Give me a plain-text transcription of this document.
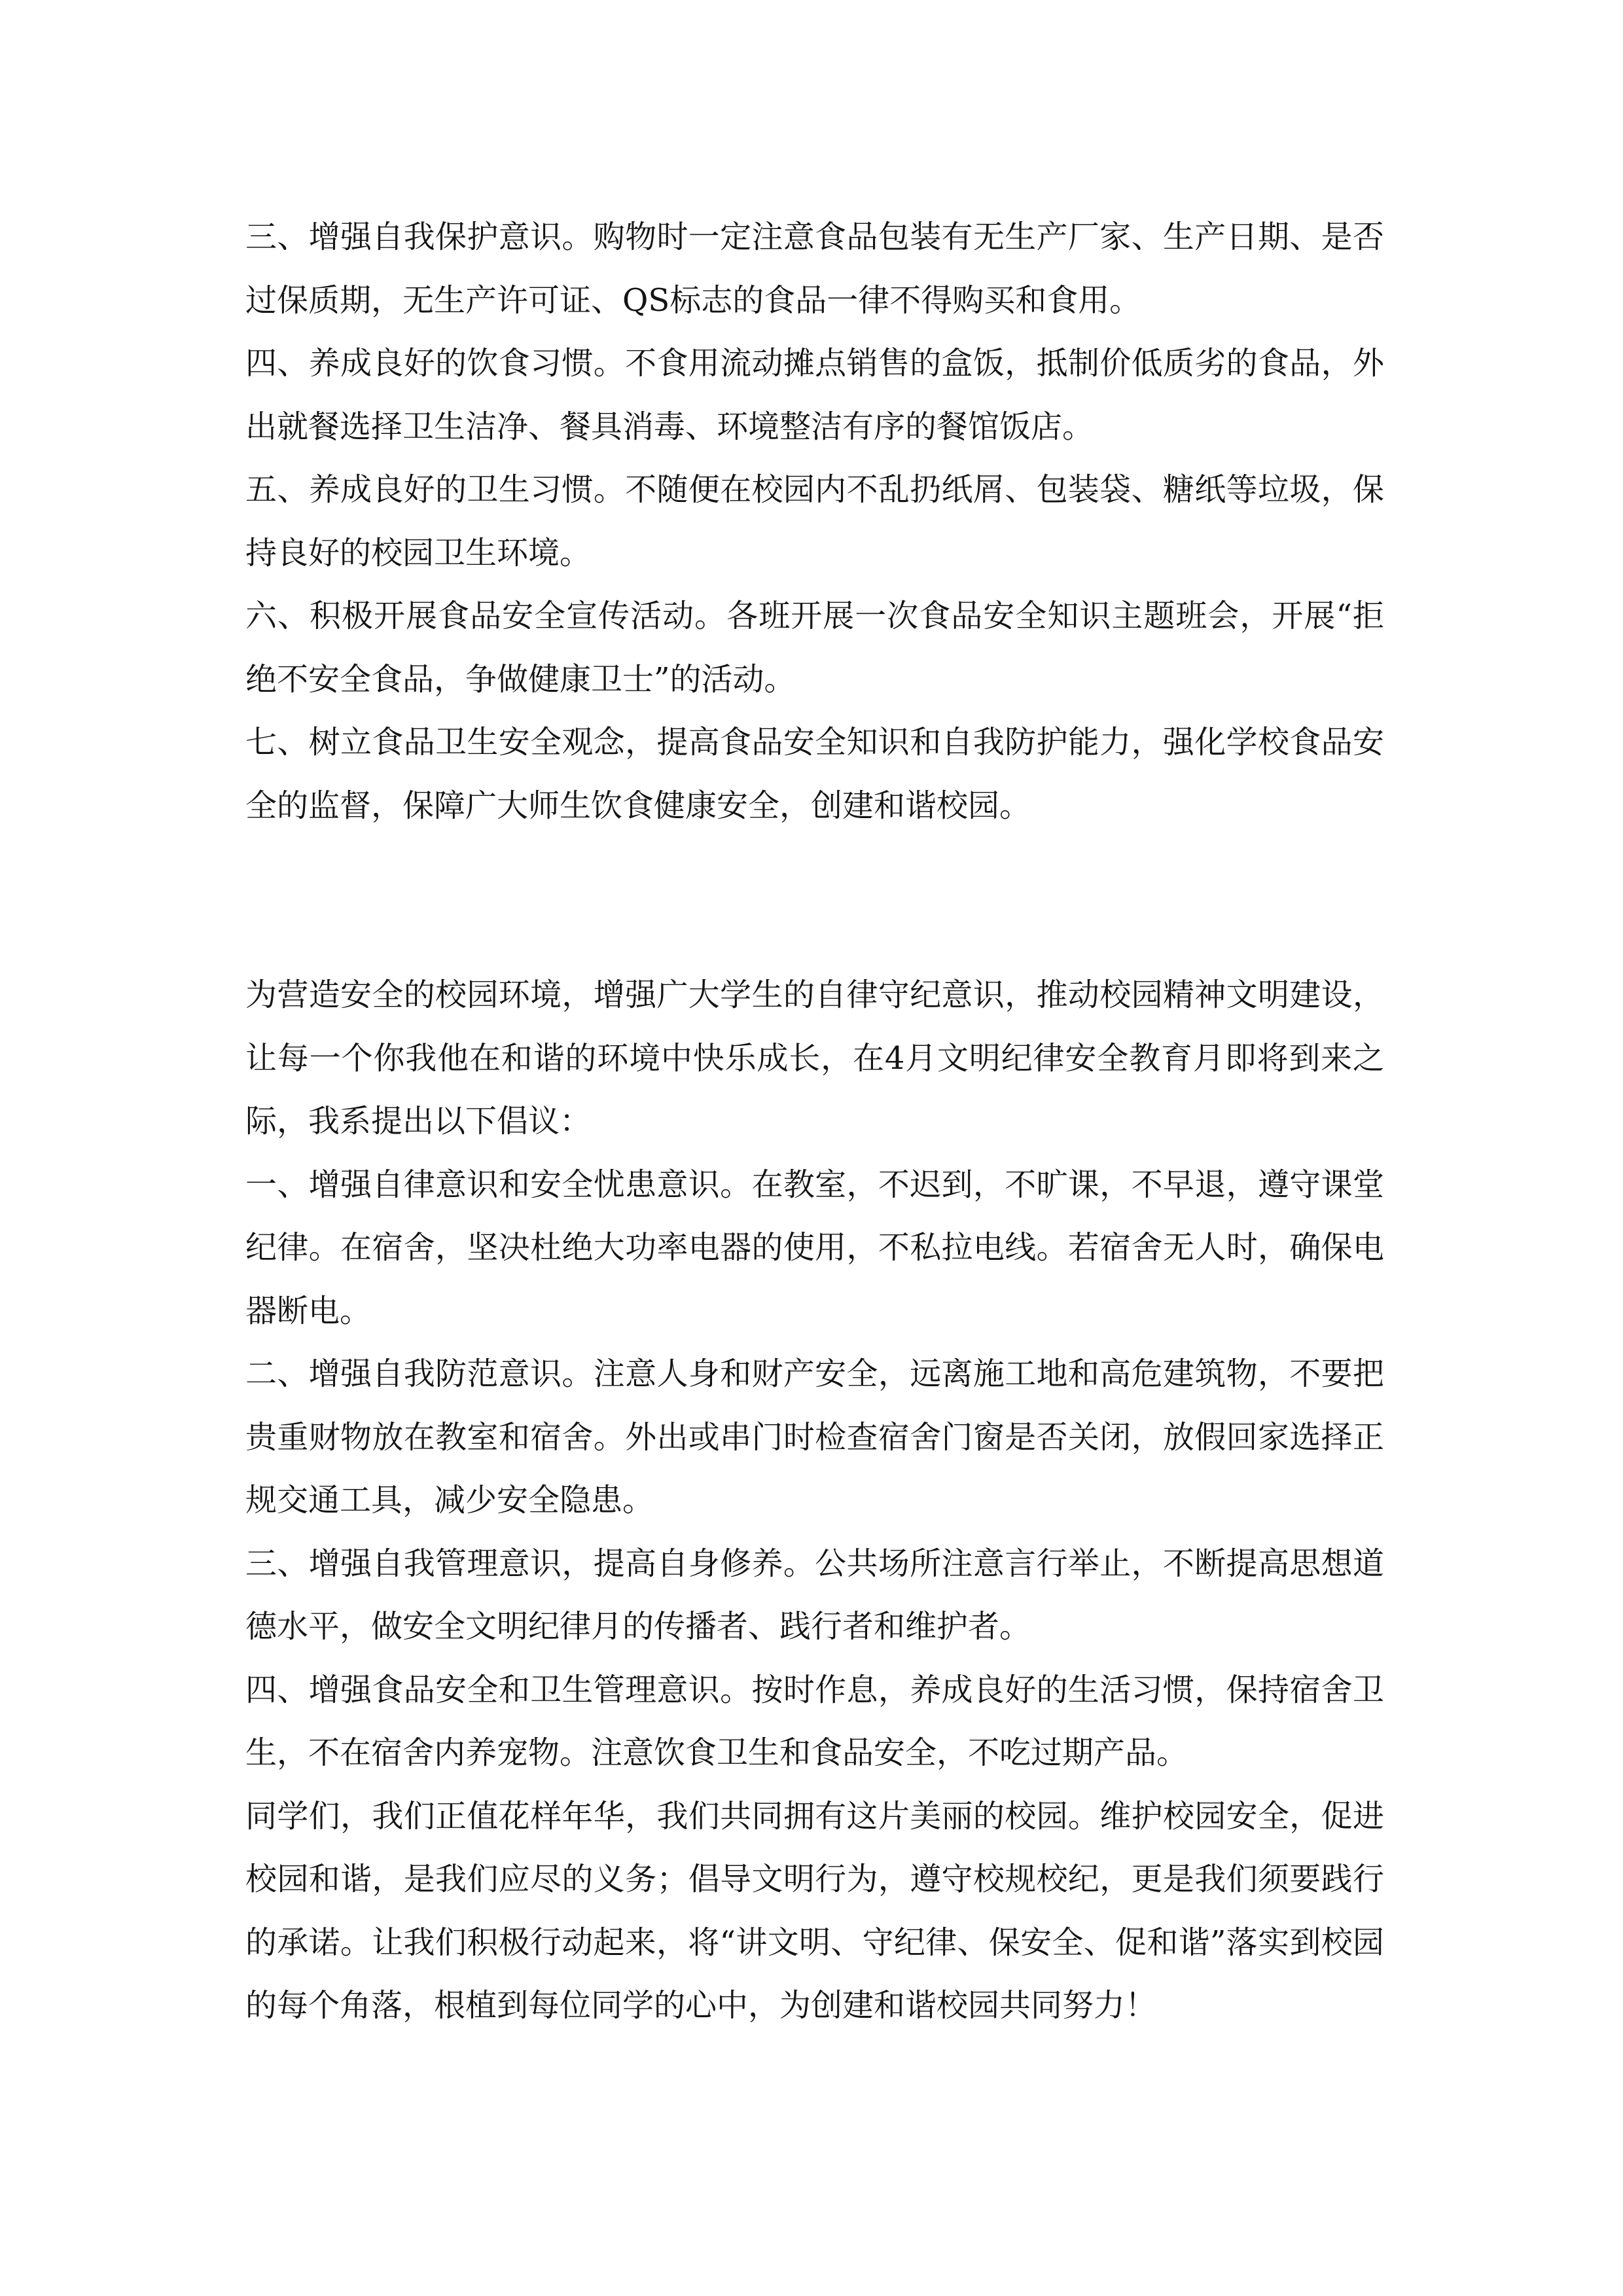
三、增强自我保护意识。购物时一定注意食品包装有无生产厂家、生产日期、是否过保质期，无生产许可证、QS标志的食品一律不得购买和食用。

四、养成良好的饮食习惯。不食用流动摊点销售的盒饭，抵制价低质劣的食品，外出就餐选择卫生洁净、餐具消毒、环境整洁有序的餐馆饭店。

五、养成良好的卫生习惯。不随便在校园内不乱扔纸屑、包装袋、糖纸等垃圾，保持良好的校园卫生环境。

六、积极开展食品安全宣传活动。各班开展一次食品安全知识主题班会，开展“拒绝不安全食品，争做健康卫士”的活动。

七、树立食品卫生安全观念，提高食品安全知识和自我防护能力，强化学校食品安全的监督，保障广大师生饮食健康安全，创建和谐校园。

为营造安全的校园环境，增强广大学生的自律守纪意识，推动校园精神文明建设，让每一个你我他在和谐的环境中快乐成长，在4月文明纪律安全教育月即将到来之际，我系提出以下倡议：

一、增强自律意识和安全忧患意识。在教室，不迟到，不旷课，不早退，遵守课堂纪律。在宿舍，坚决杜绝大功率电器的使用，不私拉电线。若宿舍无人时，确保电器断电。

二、增强自我防范意识。注意人身和财产安全，远离施工地和高危建筑物，不要把贵重财物放在教室和宿舍。外出或串门时检查宿舍门窗是否关闭，放假回家选择正规交通工具，减少安全隐患。

三、增强自我管理意识，提高自身修养。公共场所注意言行举止，不断提高思想道德水平，做安全文明纪律月的传播者、践行者和维护者。

四、增强食品安全和卫生管理意识。按时作息，养成良好的生活习惯，保持宿舍卫生，不在宿舍内养宠物。注意饮食卫生和食品安全，不吃过期产品。

同学们，我们正值花样年华，我们共同拥有这片美丽的校园。维护校园安全，促进校园和谐，是我们应尽的义务；倡导文明行为，遵守校规校纪，更是我们须要践行的承诺。让我们积极行动起来，将“讲文明、守纪律、保安全、促和谐”落实到校园的每个角落，根植到每位同学的心中，为创建和谐校园共同努力！
